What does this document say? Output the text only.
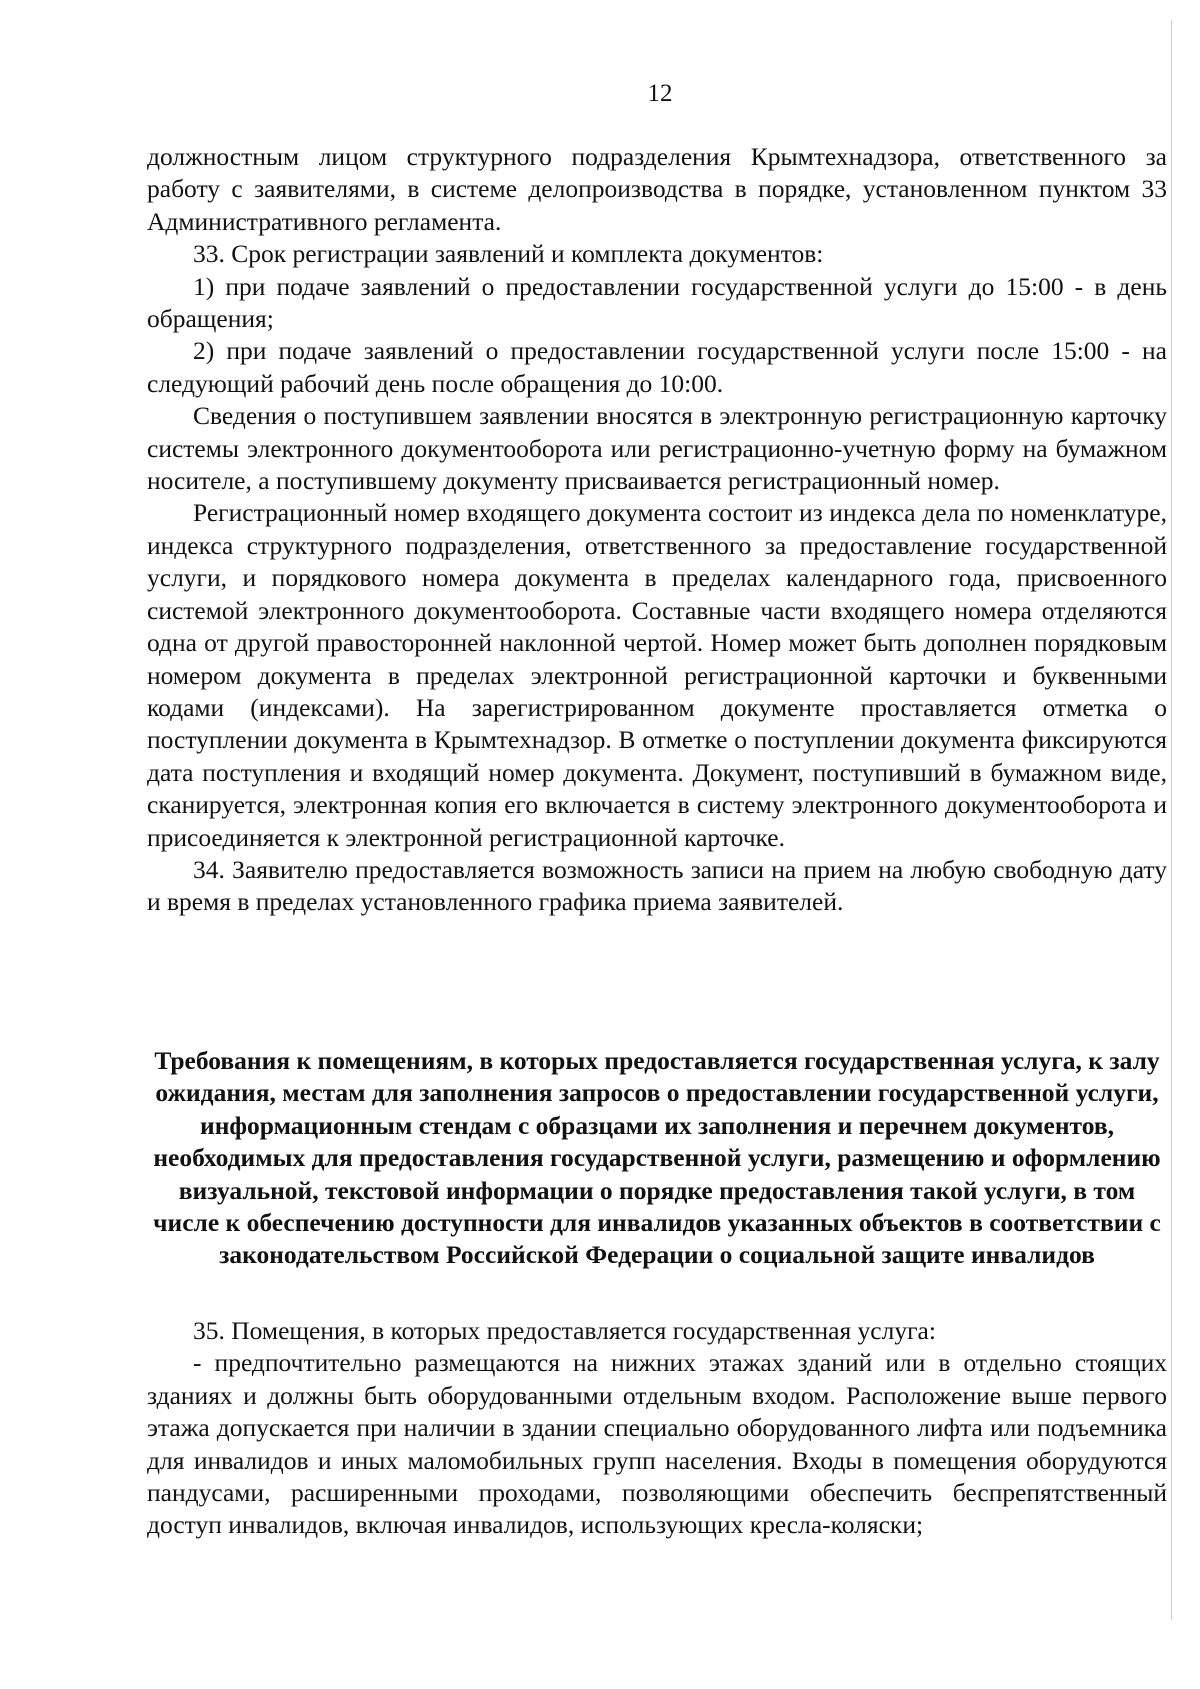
12

должностным лицом структурного подразделения Крымтехнадзора, ответственного за работу с заявителями, в системе делопроизводства в порядке, установленном пунктом 33 Административного регламента.

33. Срок регистрации заявлений и комплекта документов:

1) при подаче заявлений о предоставлении государственной услуги до 15:00 - в день обращения;

2) при подаче заявлений о предоставлении государственной услуги после 15:00 - на следующий рабочий день после обращения до 10:00.

Сведения о поступившем заявлении вносятся в электронную регистрационную карточку системы электронного документооборота или регистрационно-учетную форму на бумажном носителе, а поступившему документу присваивается регистрационный номер.

Регистрационный номер входящего документа состоит из индекса дела по номенклатуре, индекса структурного подразделения, ответственного за предоставление государственной услуги, и порядкового номера документа в пределах календарного года, присвоенного системой электронного документооборота. Составные части входящего номера отделяются одна от другой правосторонней наклонной чертой. Номер может быть дополнен порядковым номером документа в пределах электронной регистрационной карточки и буквенными кодами (индексами). На зарегистрированном документе проставляется отметка о поступлении документа в Крымтехнадзор. В отметке о поступлении документа фиксируются дата поступления и входящий номер документа. Документ, поступивший в бумажном виде, сканируется, электронная копия его включается в систему электронного документооборота и присоединяется к электронной регистрационной карточке.

34. Заявителю предоставляется возможность записи на прием на любую свободную дату и время в пределах установленного графика приема заявителей.

Требования к помещениям, в которых предоставляется государственная услуга, к залу ожидания, местам для заполнения запросов о предоставлении государственной услуги, информационным стендам с образцами их заполнения и перечнем документов, необходимых для предоставления государственной услуги, размещению и оформлению визуальной, текстовой информации о порядке предоставления такой услуги, в том числе к обеспечению доступности для инвалидов указанных объектов в соответствии с законодательством Российской Федерации о социальной защите инвалидов

35. Помещения, в которых предоставляется государственная услуга:

- предпочтительно размещаются на нижних этажах зданий или в отдельно стоящих зданиях и должны быть оборудованными отдельным входом. Расположение выше первого этажа допускается при наличии в здании специально оборудованного лифта или подъемника для инвалидов и иных маломобильных групп населения. Входы в помещения оборудуются пандусами, расширенными проходами, позволяющими обеспечить беспрепятственный доступ инвалидов, включая инвалидов, использующих кресла-коляски;
